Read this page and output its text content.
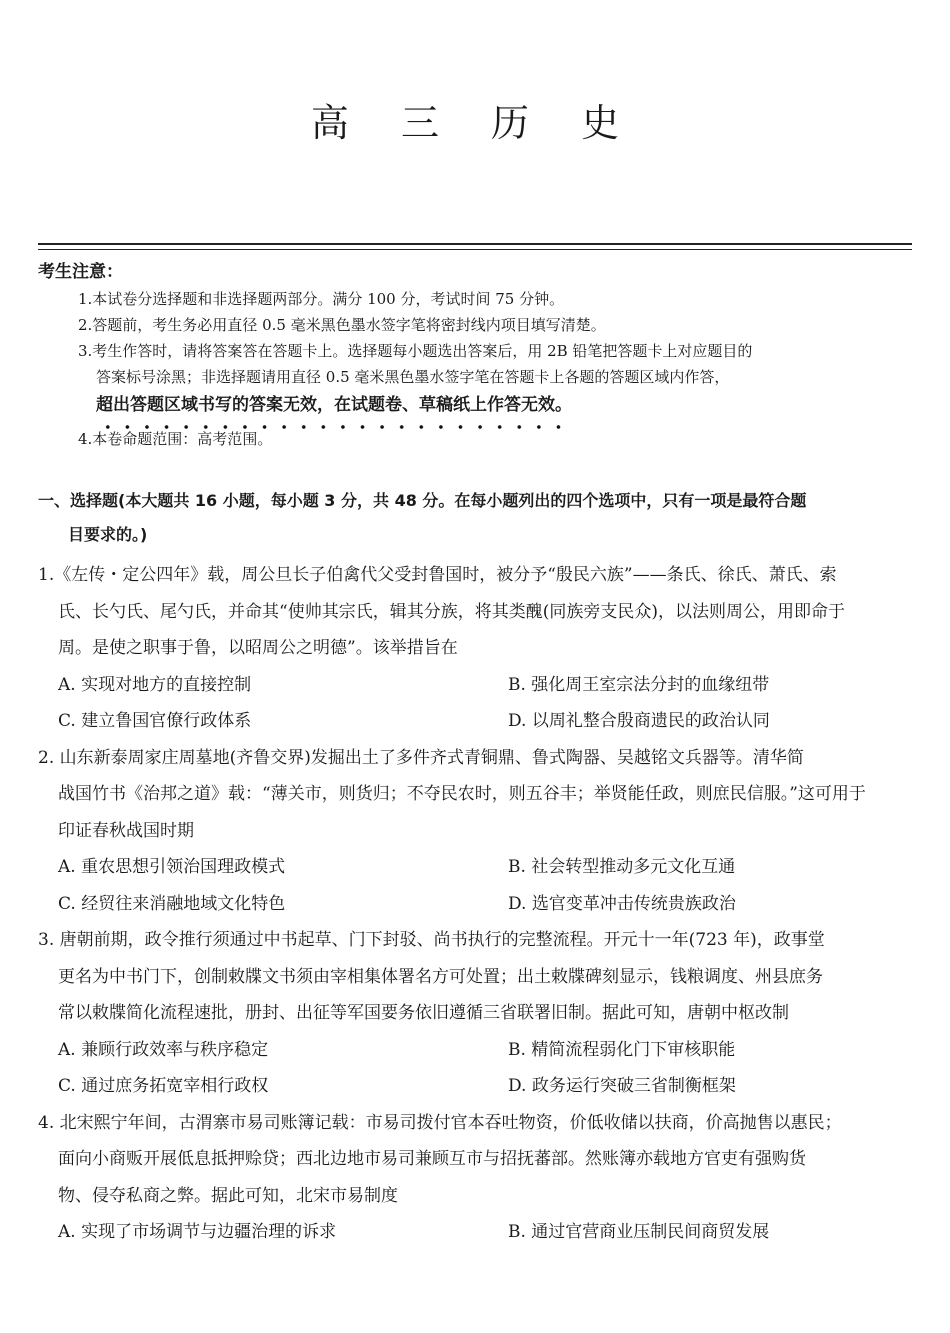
高 三 历 史
考生注意：

1.本试卷分选择题和非选择题两部分。满分 100 分，考试时间 75 分钟。

2.答题前，考生务必用直径 0.5 毫米黑色墨水签字笔将密封线内项目填写清楚。

3.考生作答时，请将答案答在答题卡上。选择题每小题选出答案后，用 2B 铅笔把答题卡上对应题目的

答案标号涂黑；非选择题请用直径 0.5 毫米黑色墨水签字笔在答题卡上各题的答题区域内作答，

超出答题区域书写的答案无效，在试题卷、草稿纸上作答无效。

4.本卷命题范围：高考范围。

一、选择题(本大题共 16 小题，每小题 3 分，共 48 分。在每小题列出的四个选项中，只有一项是最符合题
目要求的。)

1.《左传・定公四年》载，周公旦长子伯禽代父受封鲁国时，被分予“殷民六族”——条氏、徐氏、萧氏、索
氏、长勺氏、尾勺氏，并命其“使帅其宗氏，辑其分族，将其类醜(同族旁支民众)，以法则周公，用即命于
周。是使之职事于鲁，以昭周公之明德”。该举措旨在

A. 实现对地方的直接控制	B. 强化周王室宗法分封的血缘纽带
C. 建立鲁国官僚行政体系	D. 以周礼整合殷商遗民的政治认同

2. 山东新泰周家庄周墓地(齐鲁交界)发掘出土了多件齐式青铜鼎、鲁式陶器、吴越铭文兵器等。清华简
战国竹书《治邦之道》载：“薄关市，则货归；不夺民农时，则五谷丰；举贤能任政，则庶民信服。”这可用于
印证春秋战国时期

A. 重农思想引领治国理政模式	B. 社会转型推动多元文化互通
C. 经贸往来消融地域文化特色	D. 选官变革冲击传统贵族政治

3. 唐朝前期，政令推行须通过中书起草、门下封驳、尚书执行的完整流程。开元十一年(723 年)，政事堂
更名为中书门下，创制敕牒文书须由宰相集体署名方可处置；出土敕牒碑刻显示，钱粮调度、州县庶务
常以敕牒简化流程速批，册封、出征等军国要务依旧遵循三省联署旧制。据此可知，唐朝中枢改制

A. 兼顾行政效率与秩序稳定	B. 精简流程弱化门下审核职能
C. 通过庶务拓宽宰相行政权	D. 政务运行突破三省制衡框架

4. 北宋熙宁年间，古渭寨市易司账簿记载：市易司拨付官本吞吐物资，价低收储以扶商，价高抛售以惠民；
面向小商贩开展低息抵押赊贷；西北边地市易司兼顾互市与招抚蕃部。然账簿亦载地方官吏有强购货
物、侵夺私商之弊。据此可知，北宋市易制度

A. 实现了市场调节与边疆治理的诉求	B. 通过官营商业压制民间商贸发展
